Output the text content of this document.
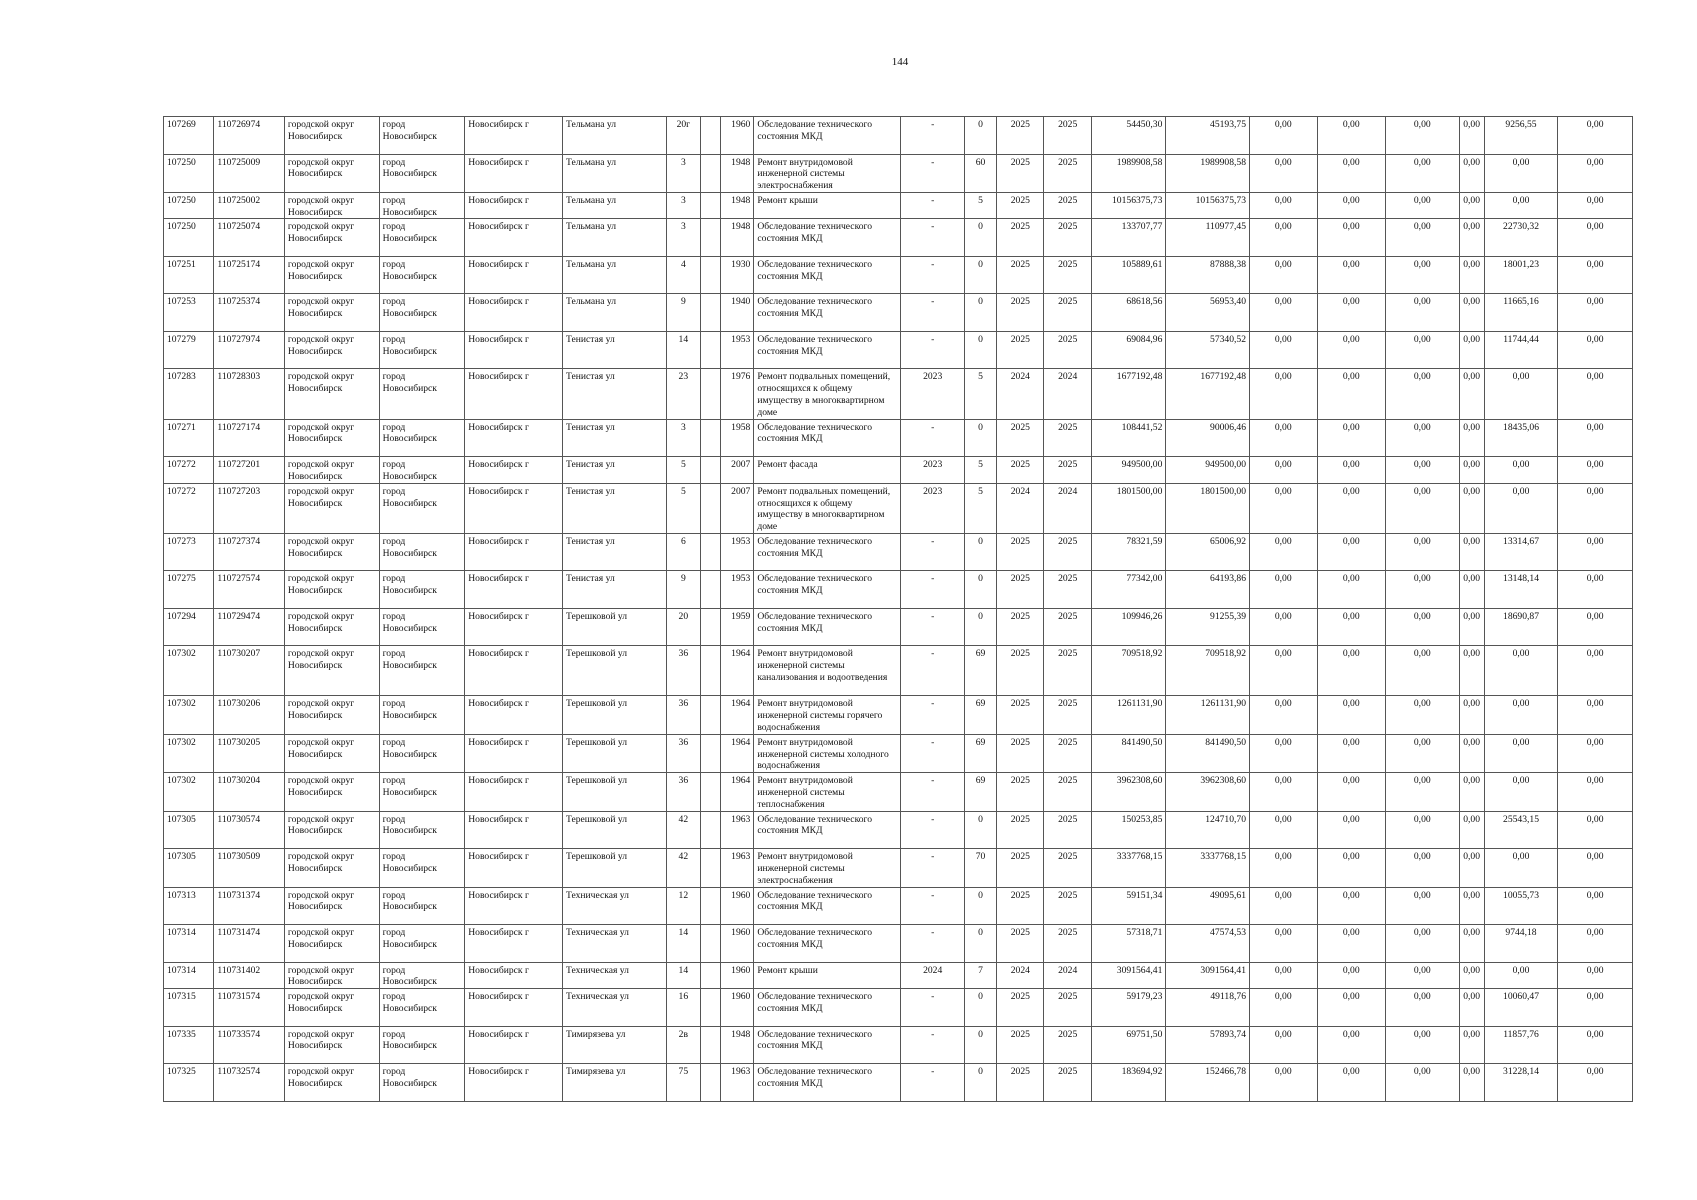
144
107269	110726974	городской округ Новосибирск	город Новосибирск	Новосибирск г	Тельмана ул	20г		1960	Обследование технического состояния МКД	-	0	2025	2025	54450,30	45193,75	0,00	0,00	0,00	0,00	9256,55	0,00
107250	110725009	городской округ Новосибирск	город Новосибирск	Новосибирск г	Тельмана ул	3		1948	Ремонт внутридомовой инженерной системы электроснабжения	-	60	2025	2025	1989908,58	1989908,58	0,00	0,00	0,00	0,00	0,00	0,00
107250	110725002	городской округ Новосибирск	город Новосибирск	Новосибирск г	Тельмана ул	3		1948	Ремонт крыши	-	5	2025	2025	10156375,73	10156375,73	0,00	0,00	0,00	0,00	0,00	0,00
107250	110725074	городской округ Новосибирск	город Новосибирск	Новосибирск г	Тельмана ул	3		1948	Обследование технического состояния МКД	-	0	2025	2025	133707,77	110977,45	0,00	0,00	0,00	0,00	22730,32	0,00
107251	110725174	городской округ Новосибирск	город Новосибирск	Новосибирск г	Тельмана ул	4		1930	Обследование технического состояния МКД	-	0	2025	2025	105889,61	87888,38	0,00	0,00	0,00	0,00	18001,23	0,00
107253	110725374	городской округ Новосибирск	город Новосибирск	Новосибирск г	Тельмана ул	9		1940	Обследование технического состояния МКД	-	0	2025	2025	68618,56	56953,40	0,00	0,00	0,00	0,00	11665,16	0,00
107279	110727974	городской округ Новосибирск	город Новосибирск	Новосибирск г	Тенистая ул	14		1953	Обследование технического состояния МКД	-	0	2025	2025	69084,96	57340,52	0,00	0,00	0,00	0,00	11744,44	0,00
107283	110728303	городской округ Новосибирск	город Новосибирск	Новосибирск г	Тенистая ул	23		1976	Ремонт подвальных помещений, относящихся к общему имуществу в многоквартирном доме	2023	5	2024	2024	1677192,48	1677192,48	0,00	0,00	0,00	0,00	0,00	0,00
107271	110727174	городской округ Новосибирск	город Новосибирск	Новосибирск г	Тенистая ул	3		1958	Обследование технического состояния МКД	-	0	2025	2025	108441,52	90006,46	0,00	0,00	0,00	0,00	18435,06	0,00
107272	110727201	городской округ Новосибирск	город Новосибирск	Новосибирск г	Тенистая ул	5		2007	Ремонт фасада	2023	5	2025	2025	949500,00	949500,00	0,00	0,00	0,00	0,00	0,00	0,00
107272	110727203	городской округ Новосибирск	город Новосибирск	Новосибирск г	Тенистая ул	5		2007	Ремонт подвальных помещений, относящихся к общему имуществу в многоквартирном доме	2023	5	2024	2024	1801500,00	1801500,00	0,00	0,00	0,00	0,00	0,00	0,00
107273	110727374	городской округ Новосибирск	город Новосибирск	Новосибирск г	Тенистая ул	6		1953	Обследование технического состояния МКД	-	0	2025	2025	78321,59	65006,92	0,00	0,00	0,00	0,00	13314,67	0,00
107275	110727574	городской округ Новосибирск	город Новосибирск	Новосибирск г	Тенистая ул	9		1953	Обследование технического состояния МКД	-	0	2025	2025	77342,00	64193,86	0,00	0,00	0,00	0,00	13148,14	0,00
107294	110729474	городской округ Новосибирск	город Новосибирск	Новосибирск г	Терешковой ул	20		1959	Обследование технического состояния МКД	-	0	2025	2025	109946,26	91255,39	0,00	0,00	0,00	0,00	18690,87	0,00
107302	110730207	городской округ Новосибирск	город Новосибирск	Новосибирск г	Терешковой ул	36		1964	Ремонт внутридомовой инженерной системы канализования и водоотведения	-	69	2025	2025	709518,92	709518,92	0,00	0,00	0,00	0,00	0,00	0,00
107302	110730206	городской округ Новосибирск	город Новосибирск	Новосибирск г	Терешковой ул	36		1964	Ремонт внутридомовой инженерной системы горячего водоснабжения	-	69	2025	2025	1261131,90	1261131,90	0,00	0,00	0,00	0,00	0,00	0,00
107302	110730205	городской округ Новосибирск	город Новосибирск	Новосибирск г	Терешковой ул	36		1964	Ремонт внутридомовой инженерной системы холодного водоснабжения	-	69	2025	2025	841490,50	841490,50	0,00	0,00	0,00	0,00	0,00	0,00
107302	110730204	городской округ Новосибирск	город Новосибирск	Новосибирск г	Терешковой ул	36		1964	Ремонт внутридомовой инженерной системы теплоснабжения	-	69	2025	2025	3962308,60	3962308,60	0,00	0,00	0,00	0,00	0,00	0,00
107305	110730574	городской округ Новосибирск	город Новосибирск	Новосибирск г	Терешковой ул	42		1963	Обследование технического состояния МКД	-	0	2025	2025	150253,85	124710,70	0,00	0,00	0,00	0,00	25543,15	0,00
107305	110730509	городской округ Новосибирск	город Новосибирск	Новосибирск г	Терешковой ул	42		1963	Ремонт внутридомовой инженерной системы электроснабжения	-	70	2025	2025	3337768,15	3337768,15	0,00	0,00	0,00	0,00	0,00	0,00
107313	110731374	городской округ Новосибирск	город Новосибирск	Новосибирск г	Техническая ул	12		1960	Обследование технического состояния МКД	-	0	2025	2025	59151,34	49095,61	0,00	0,00	0,00	0,00	10055,73	0,00
107314	110731474	городской округ Новосибирск	город Новосибирск	Новосибирск г	Техническая ул	14		1960	Обследование технического состояния МКД	-	0	2025	2025	57318,71	47574,53	0,00	0,00	0,00	0,00	9744,18	0,00
107314	110731402	городской округ Новосибирск	город Новосибирск	Новосибирск г	Техническая ул	14		1960	Ремонт крыши	2024	7	2024	2024	3091564,41	3091564,41	0,00	0,00	0,00	0,00	0,00	0,00
107315	110731574	городской округ Новосибирск	город Новосибирск	Новосибирск г	Техническая ул	16		1960	Обследование технического состояния МКД	-	0	2025	2025	59179,23	49118,76	0,00	0,00	0,00	0,00	10060,47	0,00
107335	110733574	городской округ Новосибирск	город Новосибирск	Новосибирск г	Тимирязева ул	2в		1948	Обследование технического состояния МКД	-	0	2025	2025	69751,50	57893,74	0,00	0,00	0,00	0,00	11857,76	0,00
107325	110732574	городской округ Новосибирск	город Новосибирск	Новосибирск г	Тимирязева ул	75		1963	Обследование технического состояния МКД	-	0	2025	2025	183694,92	152466,78	0,00	0,00	0,00	0,00	31228,14	0,00
